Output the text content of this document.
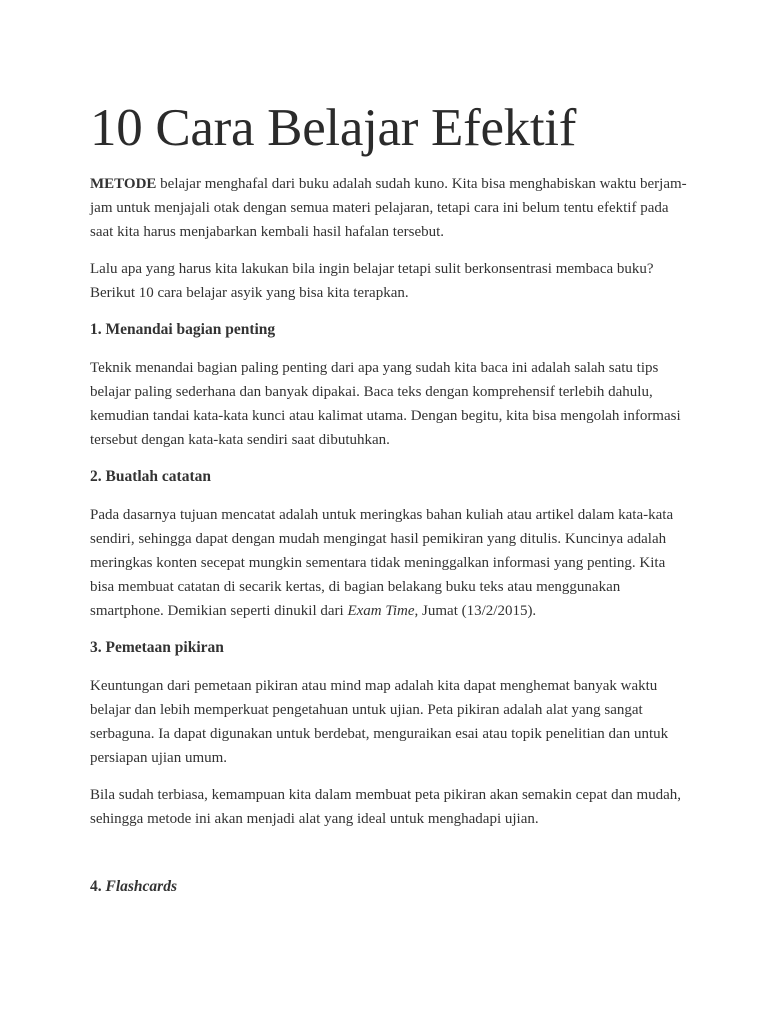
10 Cara Belajar Efektif

METODE belajar menghafal dari buku adalah sudah kuno. Kita bisa menghabiskan waktu berjam-jam untuk menjajali otak dengan semua materi pelajaran, tetapi cara ini belum tentu efektif pada saat kita harus menjabarkan kembali hasil hafalan tersebut.

Lalu apa yang harus kita lakukan bila ingin belajar tetapi sulit berkonsentrasi membaca buku? Berikut 10 cara belajar asyik yang bisa kita terapkan.

1. Menandai bagian penting

Teknik menandai bagian paling penting dari apa yang sudah kita baca ini adalah salah satu tips belajar paling sederhana dan banyak dipakai. Baca teks dengan komprehensif terlebih dahulu, kemudian tandai kata-kata kunci atau kalimat utama. Dengan begitu, kita bisa mengolah informasi tersebut dengan kata-kata sendiri saat dibutuhkan.

2. Buatlah catatan

Pada dasarnya tujuan mencatat adalah untuk meringkas bahan kuliah atau artikel dalam kata-kata sendiri, sehingga dapat dengan mudah mengingat hasil pemikiran yang ditulis. Kuncinya adalah meringkas konten secepat mungkin sementara tidak meninggalkan informasi yang penting. Kita bisa membuat catatan di secarik kertas, di bagian belakang buku teks atau menggunakan smartphone. Demikian seperti dinukil dari Exam Time, Jumat (13/2/2015).

3. Pemetaan pikiran

Keuntungan dari pemetaan pikiran atau mind map adalah kita dapat menghemat banyak waktu belajar dan lebih memperkuat pengetahuan untuk ujian. Peta pikiran adalah alat yang sangat serbaguna. Ia dapat digunakan untuk berdebat, menguraikan esai atau topik penelitian dan untuk persiapan ujian umum.

Bila sudah terbiasa, kemampuan kita dalam membuat peta pikiran akan semakin cepat dan mudah, sehingga metode ini akan menjadi alat yang ideal untuk menghadapi ujian.

4. Flashcards
